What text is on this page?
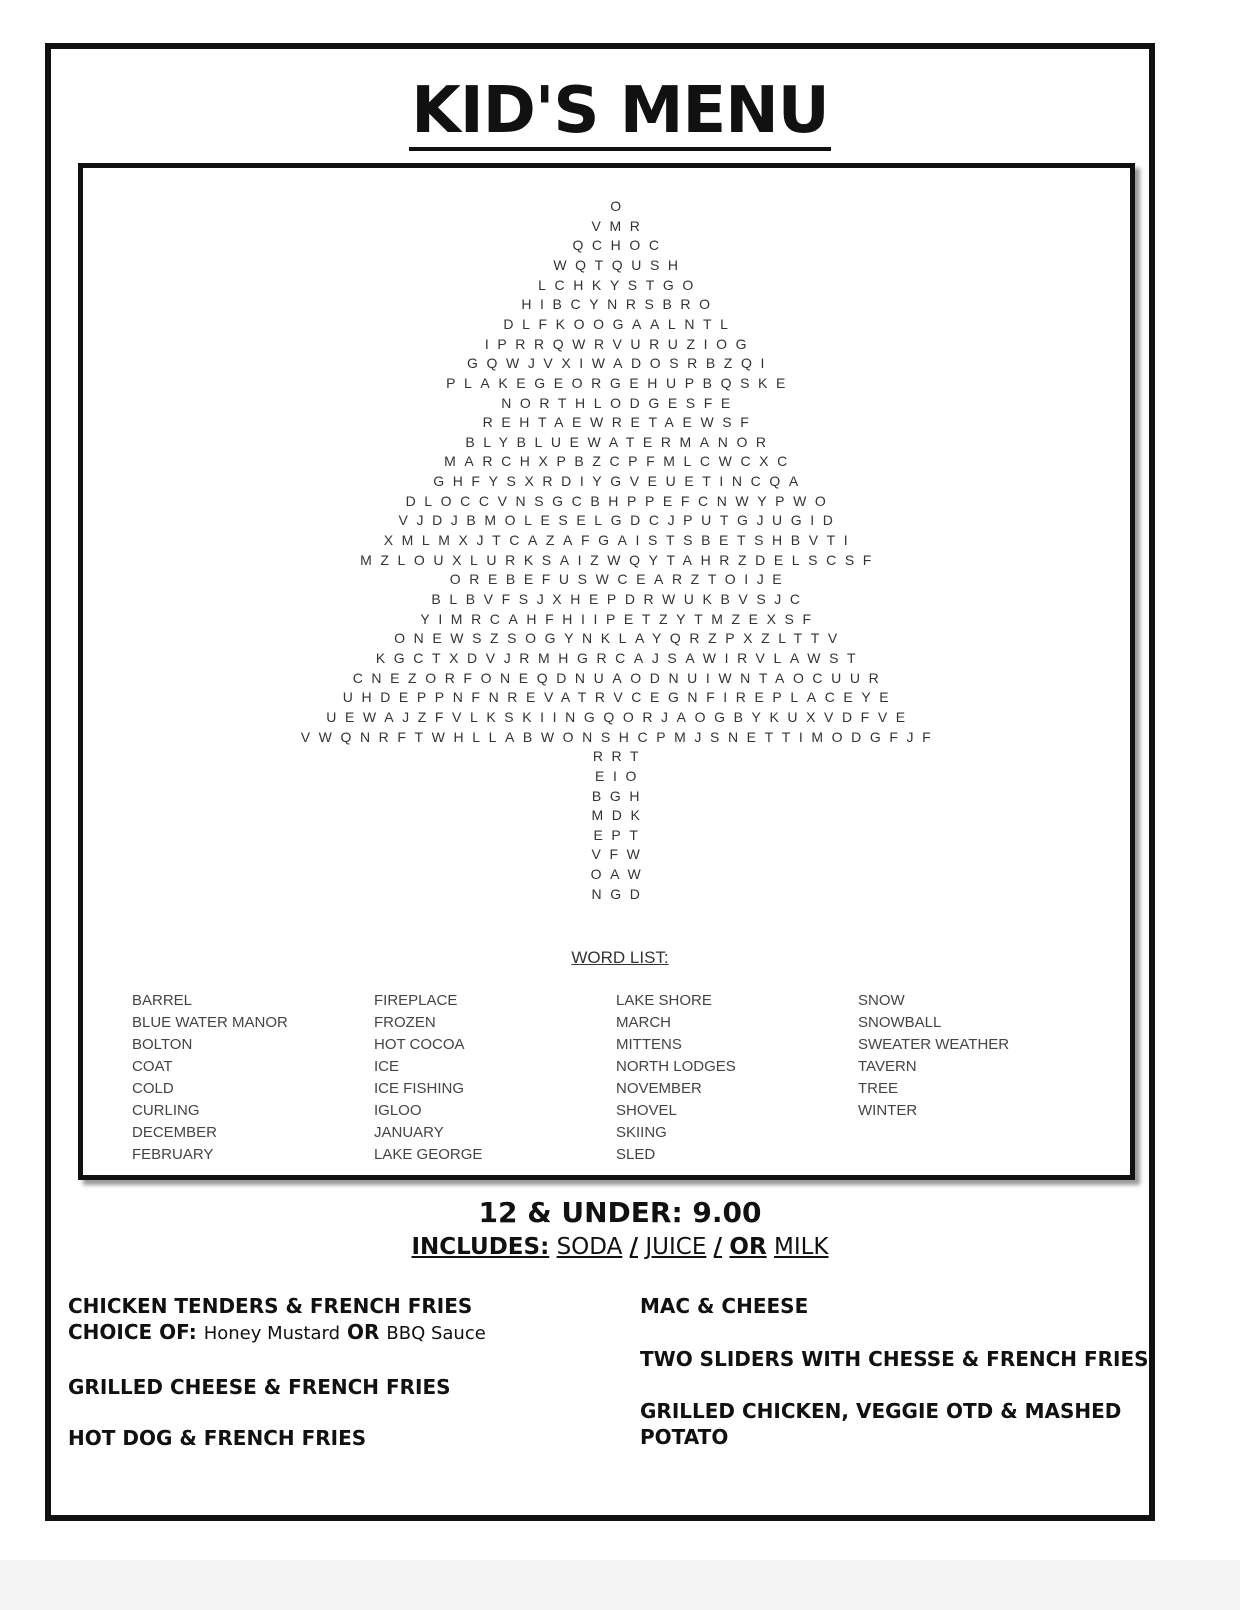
KID'S MENU
O
VMR
QCHOC
WQTQUSH
LCHKYSTGO
HIBCYNRSBRO
DLFKOOGAALNTL
IPRRQWRVURUZIOG
GQWJVXIWADOSRBZQI
PLAKEGEORGEHUPBQSKE
NORTHLODGESFE
REHTAEWRETAEWSF
BLYBLUEWATERMANOR
MARCHXPBZCPFMLCWCXC
GHFYSXRDIYGVEUETINCQA
DLOCCVNSGCBHPPEFCNWYPWO
VJDJBMOLESELGDCJPUTGJUGID
XMLMXJTCAZAFGAISTSBETSHBVTI
MZLOUXLURKSAIZWQYTAHRZDELSCSF
OREBEFUSWCEARZTOIJE
BLBVFSJXHEPDRWUKBVSJC
YIMRCAHFHIIPETZYTMZEXSF
ONEWSZSOGYNKLAYQRZPXZLTTV
KGCTXDVJRMHGRCAJSAWIRVLAWST
CNEZORFONEQDNUAODNUIWNTAOCUUR
UHDEPPNFNREVATRVCEGNFIREPLACEYE
UEWAJZFVLKSKIINGQORJAOGBYKUXVDFVE
VWQNRFTWHLLABWONSHCPMJSNETTIMODGFJF
RRT
EIO
BGH
MDK
EPT
VFW
OAW
NGD
WORD LIST:
BARREL
BLUE WATER MANOR
BOLTON
COAT
COLD
CURLING
DECEMBER
FEBRUARY
FIREPLACE
FROZEN
HOT COCOA
ICE
ICE FISHING
IGLOO
JANUARY
LAKE GEORGE
LAKE SHORE
MARCH
MITTENS
NORTH LODGES
NOVEMBER
SHOVEL
SKIING
SLED
SNOW
SNOWBALL
SWEATER WEATHER
TAVERN
TREE
WINTER
12 & UNDER: 9.00
INCLUDES: SODA / JUICE / OR MILK
CHICKEN TENDERS & FRENCH FRIES
CHOICE OF: Honey Mustard OR BBQ Sauce
GRILLED CHEESE & FRENCH FRIES
HOT DOG & FRENCH FRIES
MAC & CHEESE
TWO SLIDERS WITH CHESSE & FRENCH FRIES
GRILLED CHICKEN, VEGGIE OTD & MASHED
POTATO
